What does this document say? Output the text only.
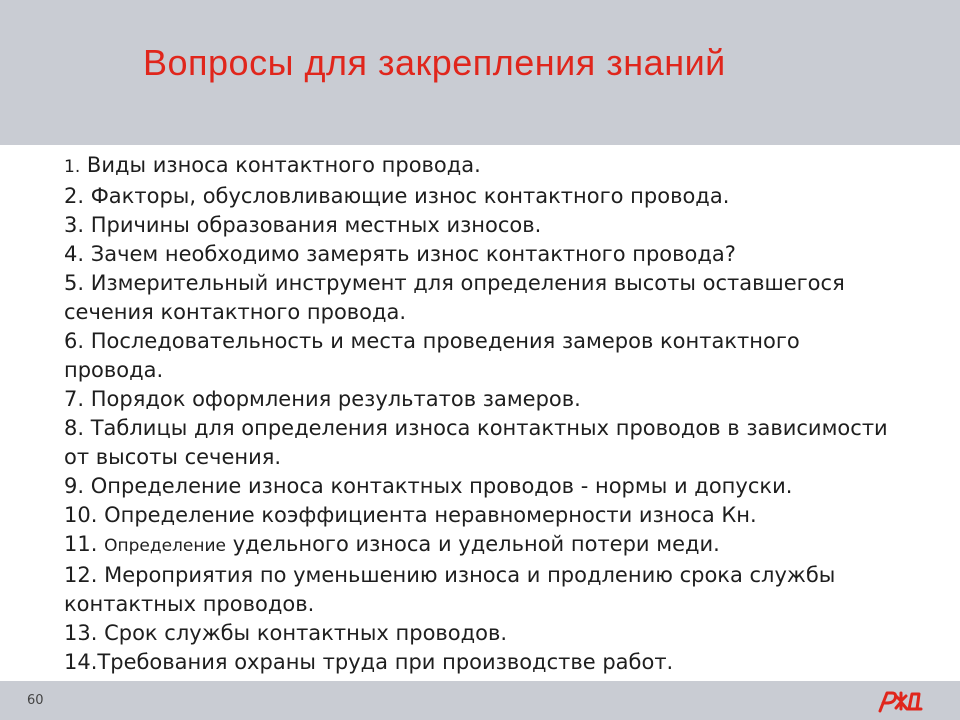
Вопросы для закрепления знаний
1. Виды износа контактного провода.
2. Факторы, обусловливающие износ контактного провода.
3. Причины образования местных износов.
4. Зачем необходимо замерять износ контактного провода?
5. Измерительный инструмент для определения высоты оставшегося сечения контактного провода.
6. Последовательность и места проведения замеров контактного провода.
7. Порядок оформления результатов замеров.
8. Таблицы для определения износа контактных проводов в зависимости от высоты сечения.
9. Определение износа контактных проводов - нормы и допуски.
10. Определение коэффициента неравномерности износа Кн.
11. Определение удельного износа и удельной потери меди.
12. Мероприятия по уменьшению износа и продлению срока службы контактных проводов.
13. Срок службы контактных проводов.
14.Требования охраны труда при производстве работ.
60
